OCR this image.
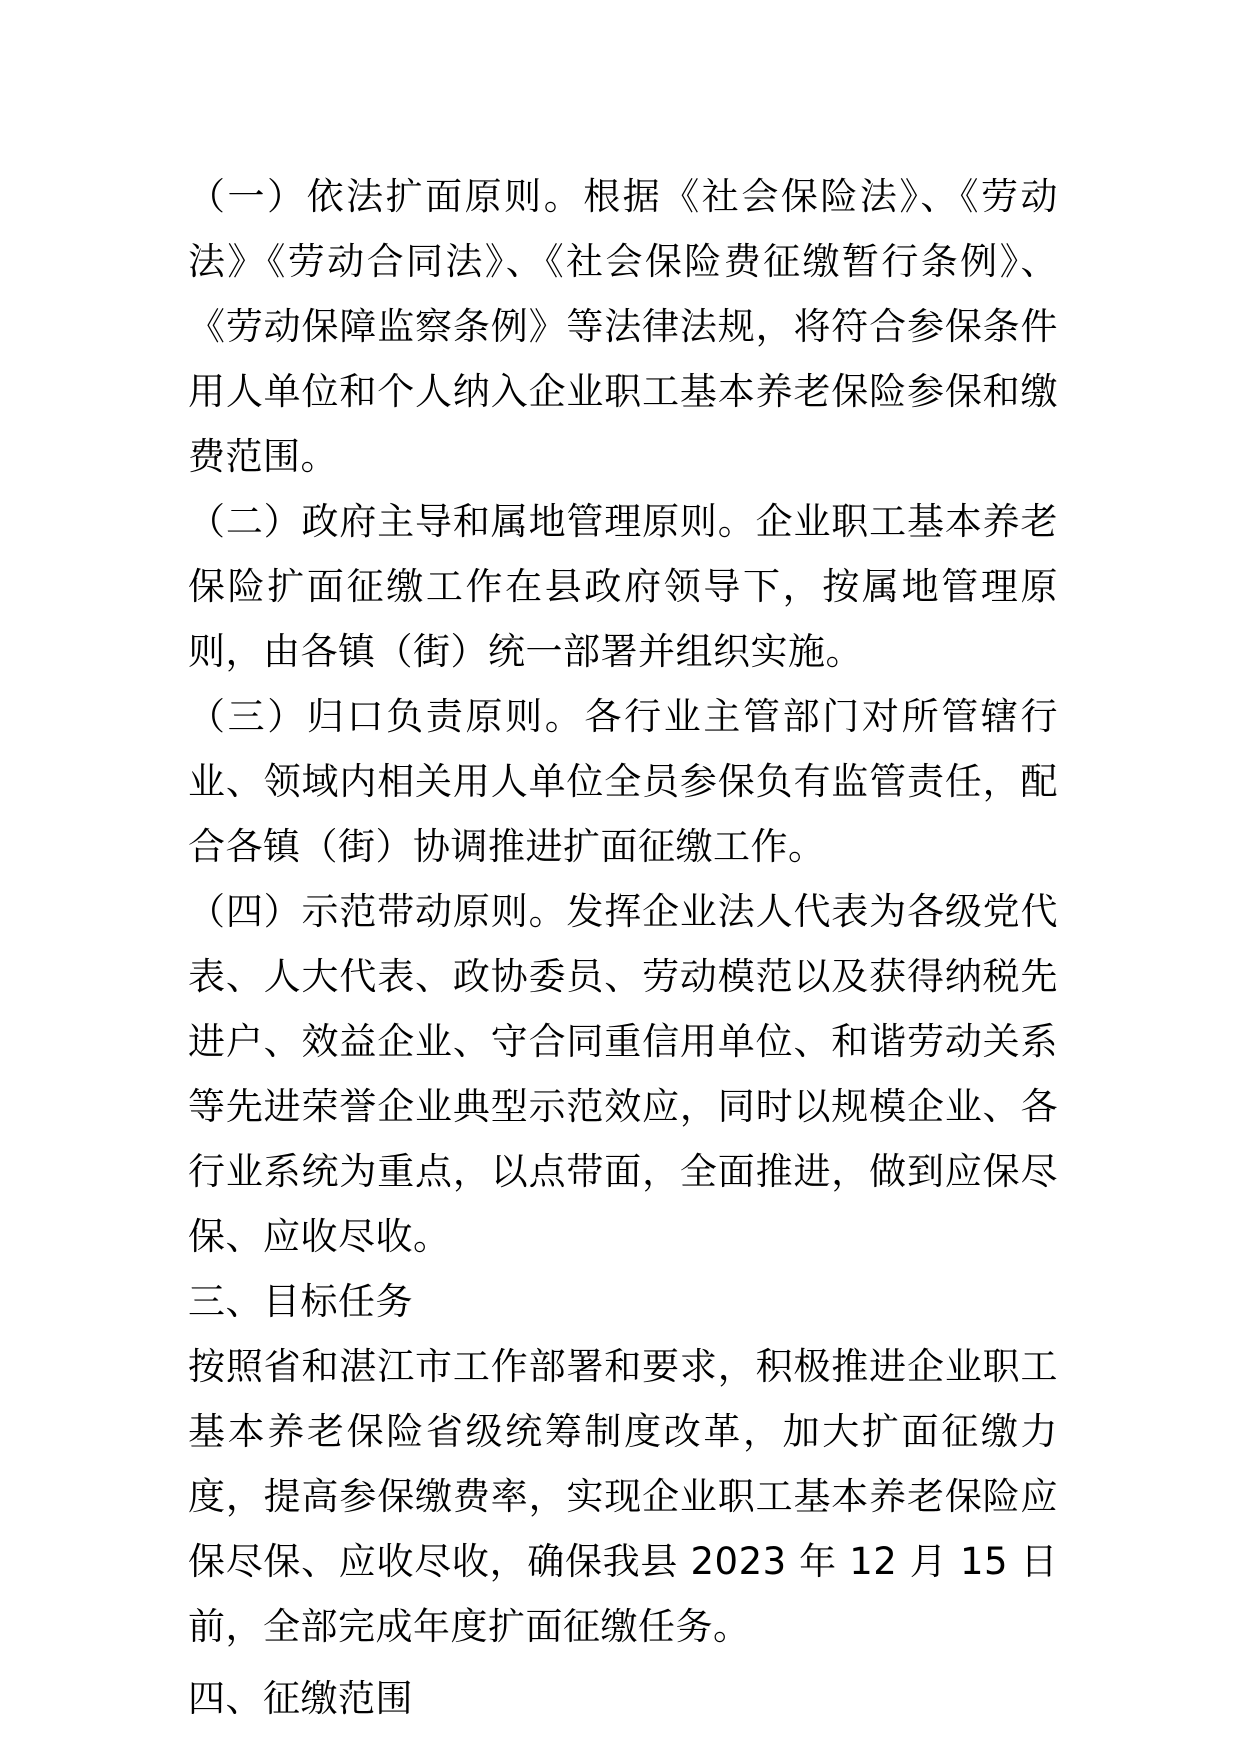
（一）依法扩面原则。根据《社会保险法》、《劳动法》《劳动合同法》、《社会保险费征缴暂行条例》、《劳动保障监察条例》等法律法规，将符合参保条件用人单位和个人纳入企业职工基本养老保险参保和缴费范围。

（二）政府主导和属地管理原则。企业职工基本养老保险扩面征缴工作在县政府领导下，按属地管理原则，由各镇（街）统一部署并组织实施。

（三）归口负责原则。各行业主管部门对所管辖行业、领域内相关用人单位全员参保负有监管责任，配合各镇（街）协调推进扩面征缴工作。

（四）示范带动原则。发挥企业法人代表为各级党代表、人大代表、政协委员、劳动模范以及获得纳税先进户、效益企业、守合同重信用单位、和谐劳动关系等先进荣誉企业典型示范效应，同时以规模企业、各行业系统为重点，以点带面，全面推进，做到应保尽保、应收尽收。

三、目标任务

按照省和湛江市工作部署和要求，积极推进企业职工基本养老保险省级统筹制度改革，加大扩面征缴力度，提高参保缴费率，实现企业职工基本养老保险应保尽保、应收尽收，确保我县 2023 年 12 月 15 日前，全部完成年度扩面征缴任务。

四、征缴范围
